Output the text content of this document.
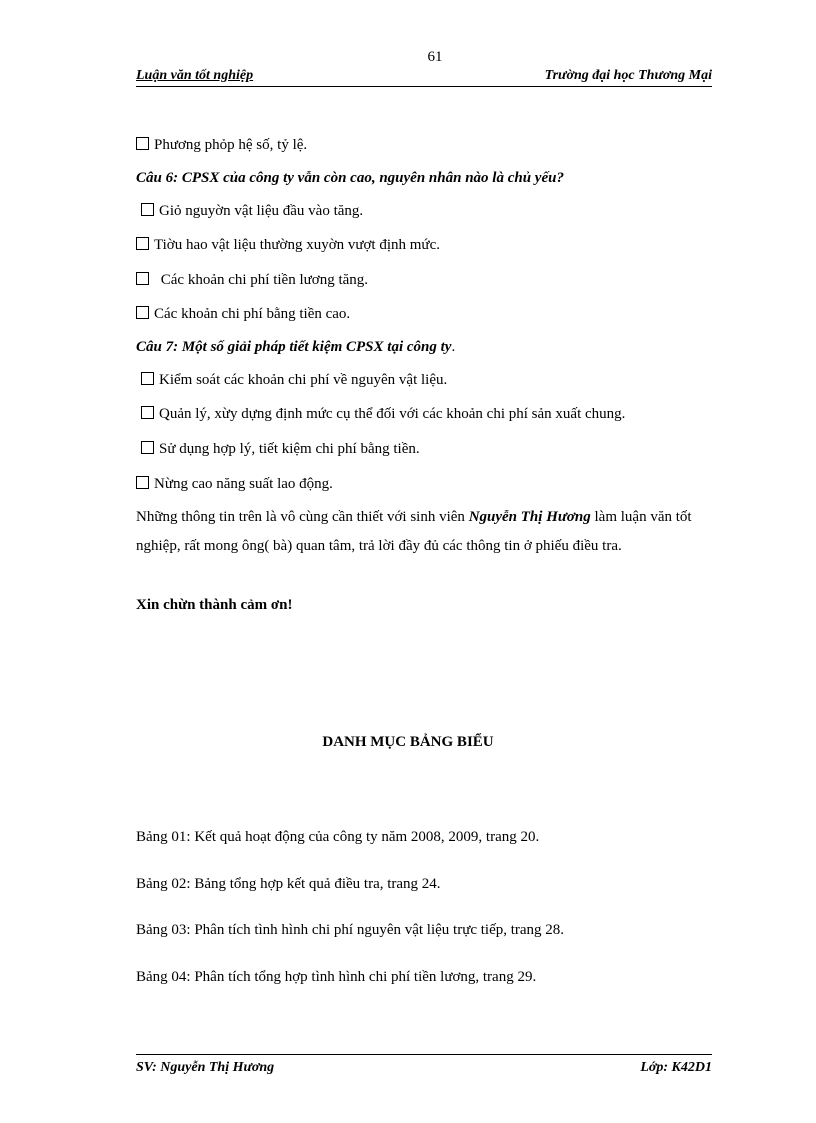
61
Luận văn tốt nghiệp	Trường đại học Thương Mại
Phương phỏp hệ số, tỷ lệ.
Câu 6: CPSX của công ty vẫn còn cao, nguyên nhân nào là chủ yếu?
Giỏ nguyờn vật liệu đầu vào tăng.
Tiờu hao vật liệu thường xuyờn vượt định mức.
Các khoản chi phí tiền lương tăng.
Các khoản chi phí bằng tiền cao.
Câu 7: Một số giải pháp tiết kiệm CPSX tại công ty.
Kiểm soát các khoản chi phí về nguyên vật liệu.
Quản lý, xừy dựng định mức cụ thể đối với các khoản chi phí sản xuất chung.
Sử dụng hợp lý, tiết kiệm chi phí bằng tiền.
Nừng cao năng suất lao động.
Những thông tin trên là vô cùng cần thiết với sinh viên Nguyễn Thị Hương làm luận văn tốt nghiệp, rất mong ông( bà) quan tâm, trả lời đầy đủ các thông tin ở phiếu điều tra.
Xin chừn thành cảm ơn!
DANH MỤC BẢNG BIỂU
Bảng 01: Kết quả hoạt động của công ty năm 2008, 2009, trang 20.
Bảng 02: Bảng tổng hợp kết quả điều tra, trang 24.
Bảng 03: Phân tích tình hình chi phí nguyên vật liệu trực tiếp, trang 28.
Bảng 04: Phân tích tổng hợp tình hình chi phí tiền lương, trang 29.
SV: Nguyễn Thị Hương	Lớp: K42D1
